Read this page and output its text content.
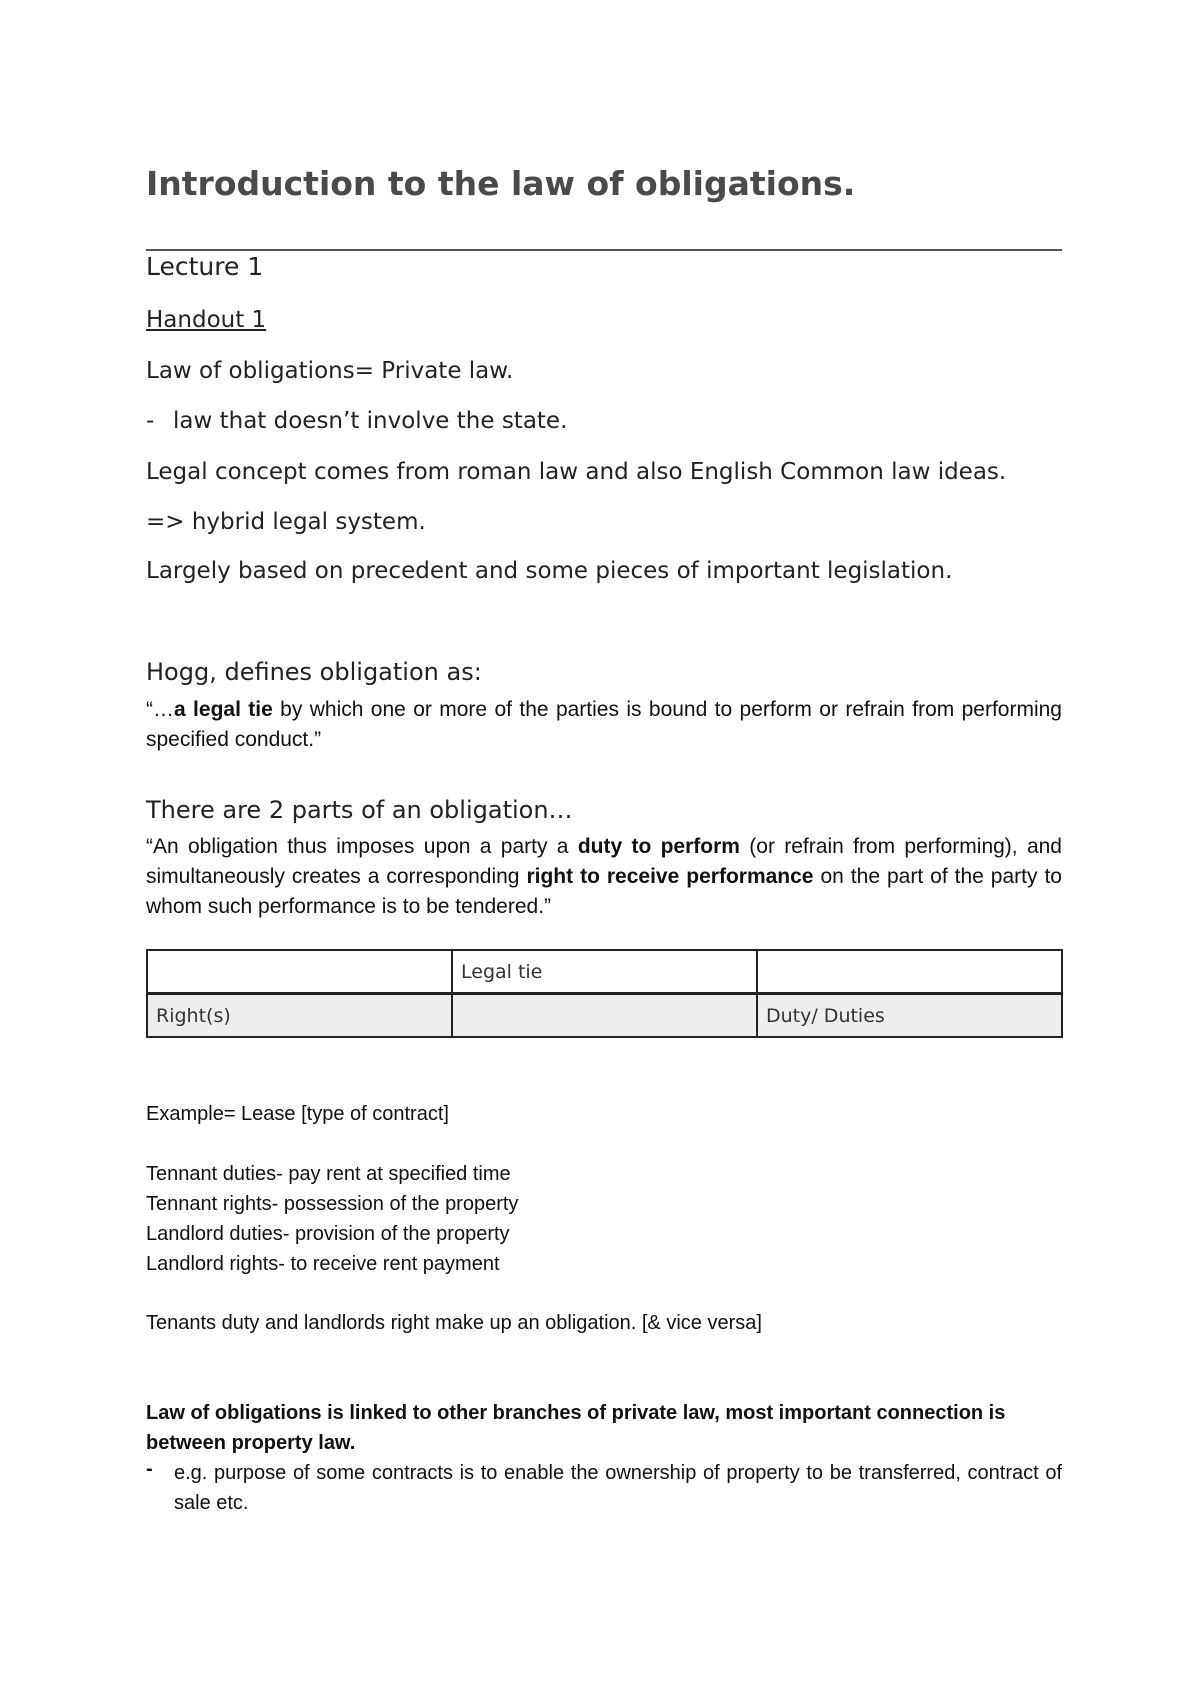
Introduction to the law of obligations.
Lecture 1
Handout 1
Law of obligations= Private law.
- law that doesn’t involve the state.
Legal concept comes from roman law and also English Common law ideas.
=> hybrid legal system.
Largely based on precedent and some pieces of important legislation.
Hogg, defines obligation as:
“…a legal tie by which one or more of the parties is bound to perform or refrain from performing specified conduct.”
There are 2 parts of an obligation…
“An obligation thus imposes upon a party a duty to perform (or refrain from performing), and simultaneously creates a corresponding right to receive performance on the part of the party to whom such performance is to be tendered.”
	Legal tie	
Right(s)		Duty/ Duties
Example= Lease [type of contract]
Tennant duties- pay rent at specified time
Tennant rights- possession of the property
Landlord duties- provision of the property
Landlord rights- to receive rent payment
Tenants duty and landlords right make up an obligation. [& vice versa]
Law of obligations is linked to other branches of private law, most important connection is between property law.
- e.g. purpose of some contracts is to enable the ownership of property to be transferred, contract of sale etc.
